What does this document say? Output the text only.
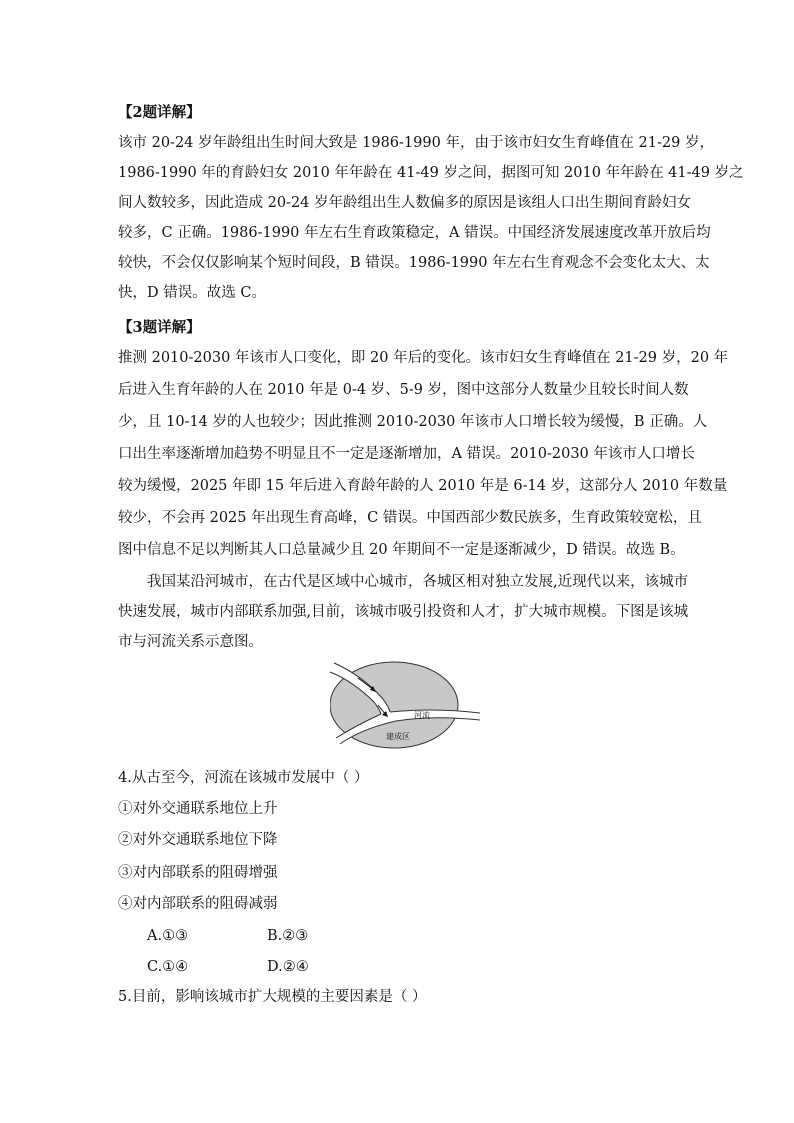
【2题详解】
该市 20-24 岁年龄组出生时间大致是 1986-1990 年，由于该市妇女生育峰值在 21-29 岁，
1986-1990 年的育龄妇女 2010 年年龄在 41-49 岁之间，据图可知 2010 年年龄在 41-49 岁之
间人数较多，因此造成 20-24 岁年龄组出生人数偏多的原因是该组人口出生期间育龄妇女
较多，C 正确。1986-1990 年左右生育政策稳定，A 错误。中国经济发展速度改革开放后均
较快，不会仅仅影响某个短时间段，B 错误。1986-1990 年左右生育观念不会变化太大、太
快，D 错误。故选 C。
【3题详解】
推测 2010-2030 年该市人口变化，即 20 年后的变化。该市妇女生育峰值在 21-29 岁，20 年
后进入生育年龄的人在 2010 年是 0-4 岁、5-9 岁，图中这部分人数量少且较长时间人数
少，且 10-14 岁的人也较少；因此推测 2010-2030 年该市人口增长较为缓慢，B 正确。人
口出生率逐渐增加趋势不明显且不一定是逐渐增加，A 错误。2010-2030 年该市人口增长
较为缓慢，2025 年即 15 年后进入育龄年龄的人 2010 年是 6-14 岁，这部分人 2010 年数量
较少，不会再 2025 年出现生育高峰，C 错误。中国西部少数民族多，生育政策较宽松，且
图中信息不足以判断其人口总量减少且 20 年期间不一定是逐渐减少，D 错误。故选 B。
我国某沿河城市，在古代是区域中心城市，各城区相对独立发展,近现代以来，该城市
快速发展，城市内部联系加强,目前，该城市吸引投资和人才，扩大城市规模。下图是该城
市与河流关系示意图。
河流
建成区
4.从古至今，河流在该城市发展中（ ）
①对外交通联系地位上升
②对外交通联系地位下降
③对内部联系的阻碍增强
④对内部联系的阻碍减弱
A.①③	B.②③
C.①④	D.②④
5.目前，影响该城市扩大规模的主要因素是（ ）
